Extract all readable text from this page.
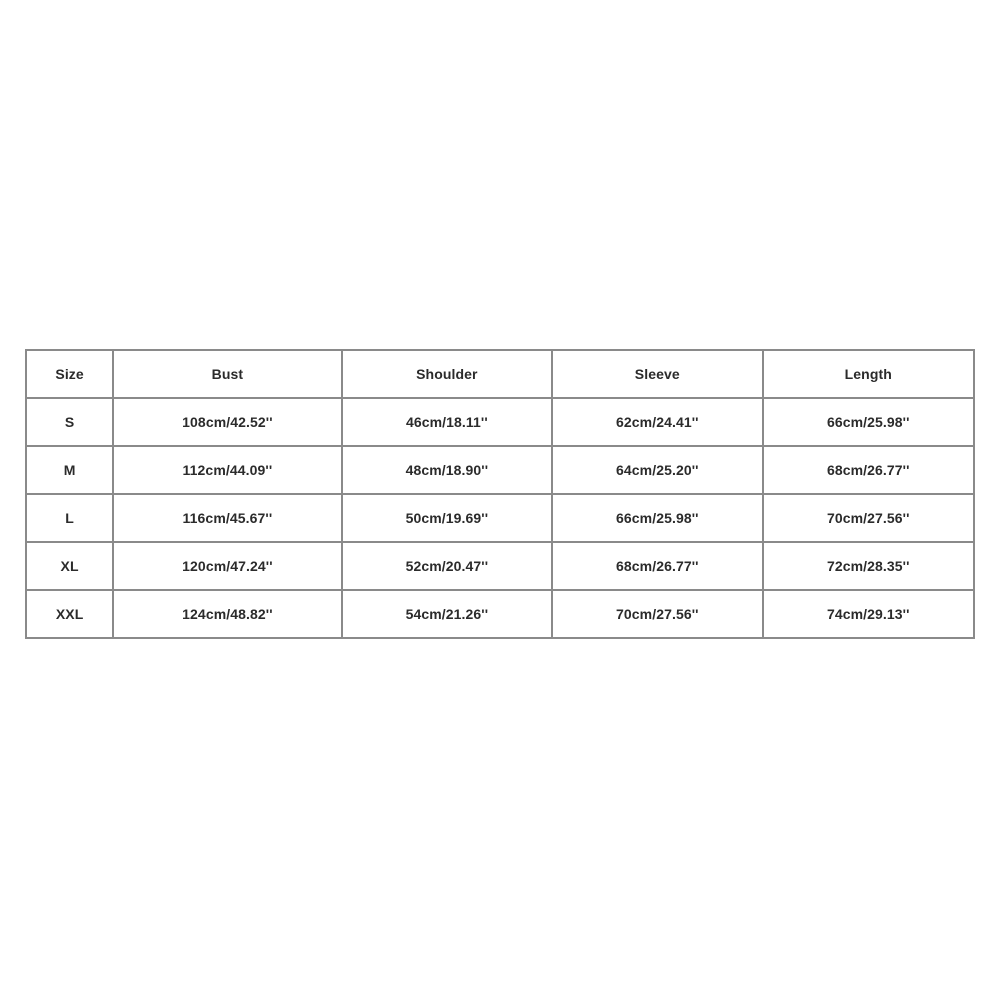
Size	Bust	Shoulder	Sleeve	Length
S	108cm/42.52''	46cm/18.11''	62cm/24.41''	66cm/25.98''
M	112cm/44.09''	48cm/18.90''	64cm/25.20''	68cm/26.77''
L	116cm/45.67''	50cm/19.69''	66cm/25.98''	70cm/27.56''
XL	120cm/47.24''	52cm/20.47''	68cm/26.77''	72cm/28.35''
XXL	124cm/48.82''	54cm/21.26''	70cm/27.56''	74cm/29.13''
